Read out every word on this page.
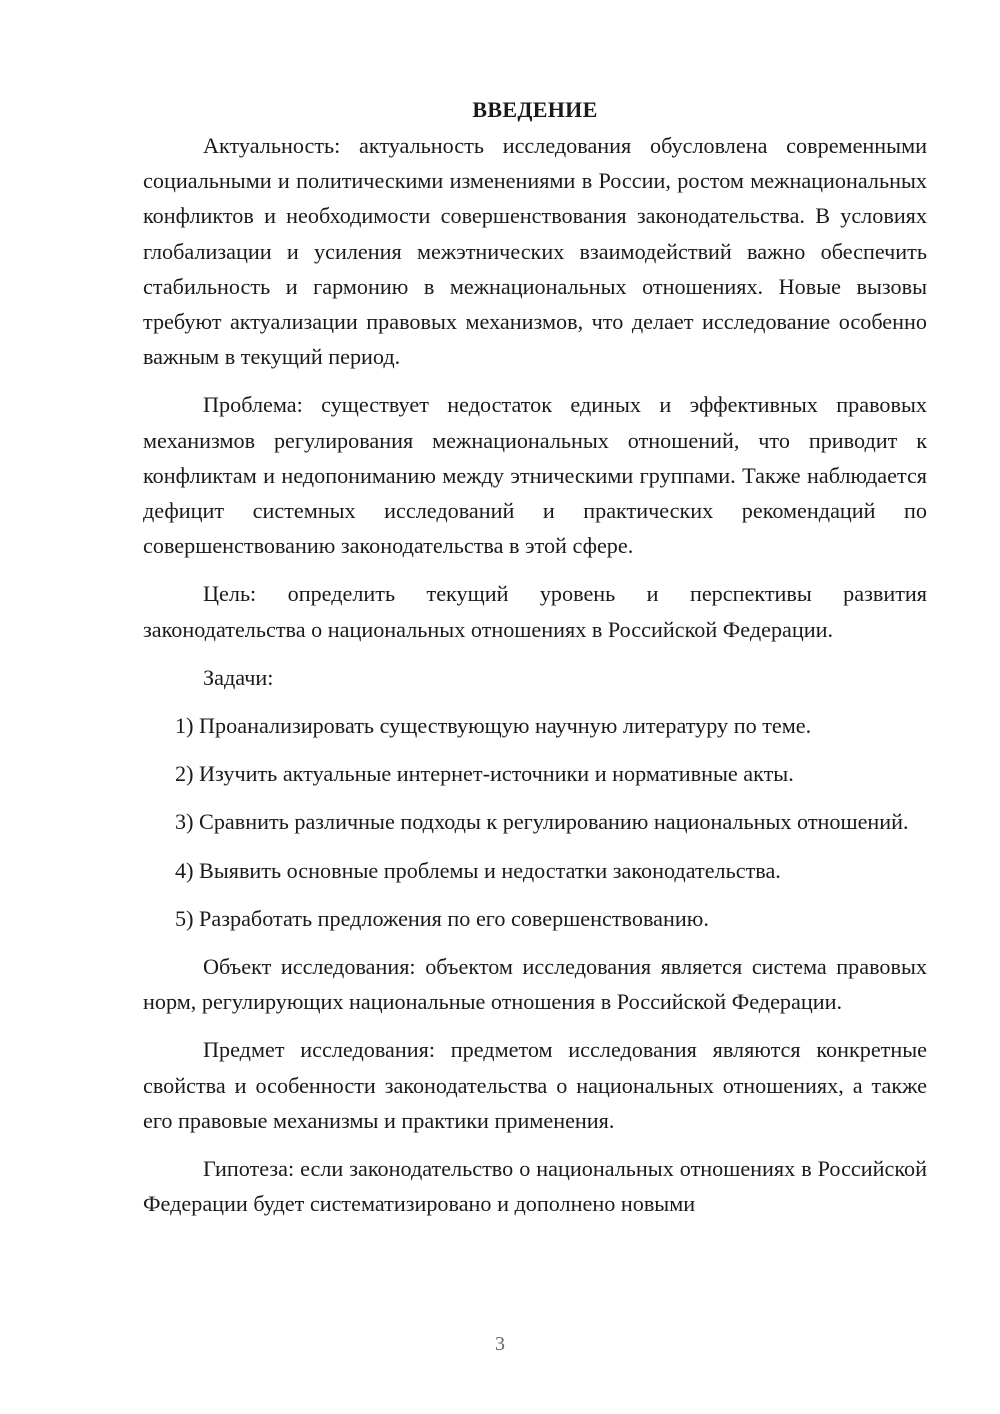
ВВЕДЕНИЕ

Актуальность: актуальность исследования обусловлена современными социальными и политическими изменениями в России, ростом межнациональных конфликтов и необходимости совершенствования законодательства. В условиях глобализации и усиления межэтнических взаимодействий важно обеспечить стабильность и гармонию в межнациональных отношениях. Новые вызовы требуют актуализации правовых механизмов, что делает исследование особенно важным в текущий период.

Проблема: существует недостаток единых и эффективных правовых механизмов регулирования межнациональных отношений, что приводит к конфликтам и недопониманию между этническими группами. Также наблюдается дефицит системных исследований и практических рекомендаций по совершенствованию законодательства в этой сфере.

Цель: определить текущий уровень и перспективы развития законодательства о национальных отношениях в Российской Федерации.

Задачи:

1) Проанализировать существующую научную литературу по теме.

2) Изучить актуальные интернет-источники и нормативные акты.

3) Сравнить различные подходы к регулированию национальных отношений.

4) Выявить основные проблемы и недостатки законодательства.

5) Разработать предложения по его совершенствованию.

Объект исследования: объектом исследования является система правовых норм, регулирующих национальные отношения в Российской Федерации.

Предмет исследования: предметом исследования являются конкретные свойства и особенности законодательства о национальных отношениях, а также его правовые механизмы и практики применения.

Гипотеза: если законодательство о национальных отношениях в Российской Федерации будет систематизировано и дополнено новыми

3
